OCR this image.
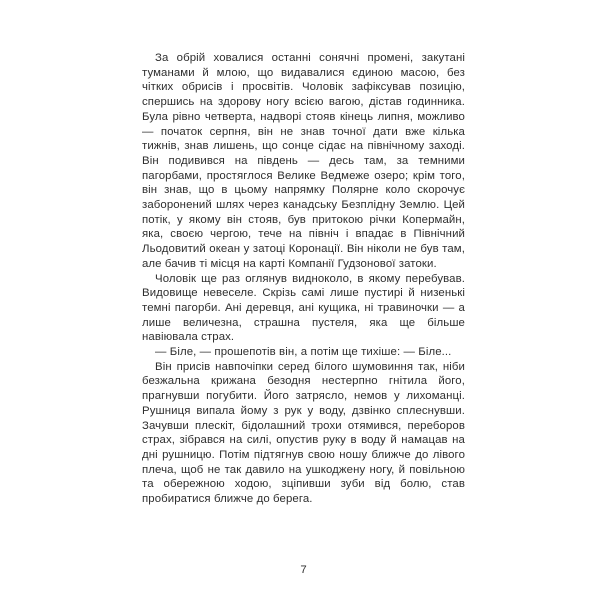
За обрій ховалися останні сонячні промені, закутані туманами й млою, що видавалися єдиною масою, без чітких обрисів і просвітів. Чоловік зафіксував позицію, спершись на здорову ногу всією вагою, дістав годинника. Була рівно четверта, надворі стояв кінець липня, можливо — початок серпня, він не знав точної дати вже кілька тижнів, знав лишень, що сонце сідає на північному заході. Він подивився на південь — десь там, за темними пагорбами, простяглося Велике Ведмеже озеро; крім того, він знав, що в цьому напрямку Полярне коло скорочує заборонений шлях через канадську Безплідну Землю. Цей потік, у якому він стояв, був притокою річки Копермайн, яка, своєю чергою, тече на північ і впадає в Північний Льодовитий океан у затоці Коронації. Він ніколи не був там, але бачив ті місця на карті Компанії Гудзонової затоки.

Чоловік ще раз оглянув видноколо, в якому перебував. Видовище невеселе. Скрізь самі лише пустирі й низенькі темні пагорби. Ані деревця, ані кущика, ні травиночки — а лише величезна, страшна пустеля, яка ще більше навіювала страх.

— Біле, — прошепотів він, а потім ще тихіше: — Біле...

Він присів навпочіпки серед білого шумовиння так, ніби безжальна крижана безодня нестерпно гнітила його, прагнувши погубити. Його затрясло, немов у лихоманці. Рушниця випала йому з рук у воду, дзвінко сплеснувши. Зачувши плескіт, бідолашний трохи отямився, переборов страх, зібрався на силі, опустив руку в воду й намацав на дні рушницю. Потім підтягнув свою ношу ближче до лівого плеча, щоб не так давило на ушкоджену ногу, й повільною та обережною ходою, зціпивши зуби від болю, став пробиратися ближче до берега.

7
